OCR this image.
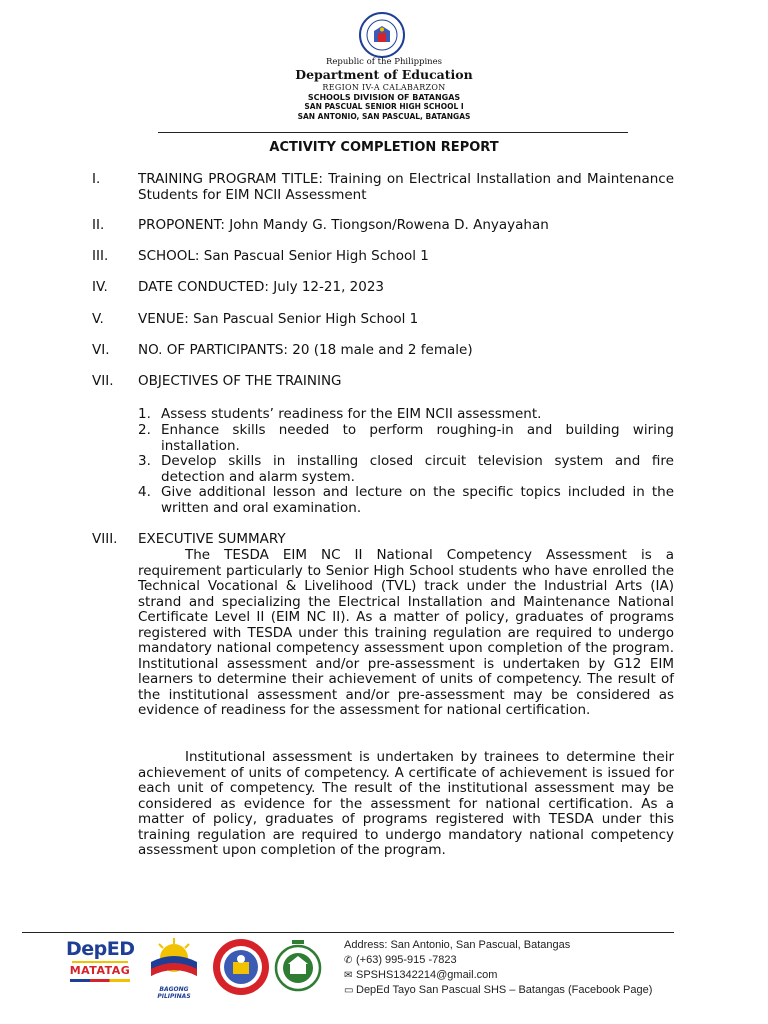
Republic of the Philippines
Department of Education
REGION IV-A CALABARZON
SCHOOLS DIVISION OF BATANGAS
SAN PASCUAL SENIOR HIGH SCHOOL I
SAN ANTONIO, SAN PASCUAL, BATANGAS
ACTIVITY COMPLETION REPORT
I.	TRAINING PROGRAM TITLE: Training on Electrical Installation and Maintenance Students for EIM NCII Assessment
II. PROPONENT: John Mandy G. Tiongson/Rowena D. Anyayahan
III. SCHOOL: San Pascual Senior High School 1
IV. DATE CONDUCTED: July 12-21, 2023
V.	VENUE: San Pascual Senior High School 1
VI. NO. OF PARTICIPANTS: 20 (18 male and 2 female)
VII. OBJECTIVES OF THE TRAINING
1. Assess students’ readiness for the EIM NCII assessment.
2. Enhance skills needed to perform roughing-in and building wiring installation.
3. Develop skills in installing closed circuit television system and fire detection and alarm system.
4. Give additional lesson and lecture on the specific topics included in the written and oral examination.
VIII. EXECUTIVE SUMMARY
The TESDA EIM NC II National Competency Assessment is a requirement particularly to Senior High School students who have enrolled the Technical Vocational & Livelihood (TVL) track under the Industrial Arts (IA) strand and specializing the Electrical Installation and Maintenance National Certificate Level II (EIM NC II). As a matter of policy, graduates of programs registered with TESDA under this training regulation are required to undergo mandatory national competency assessment upon completion of the program. Institutional assessment and/or pre-assessment is undertaken by G12 EIM learners to determine their achievement of units of competency. The result of the institutional assessment and/or pre-assessment may be considered as evidence of readiness for the assessment for national certification.
Institutional assessment is undertaken by trainees to determine their achievement of units of competency. A certificate of achievement is issued for each unit of competency. The result of the institutional assessment may be considered as evidence for the assessment for national certification. As a matter of policy, graduates of programs registered with TESDA under this training regulation are required to undergo mandatory national competency assessment upon completion of the program.
DepED
MATATAG
BAGONG PILIPINAS
Address: San Antonio, San Pascual, Batangas
✆ (+63) 995-915 -7823
✉ SPSHS1342214@gmail.com
▭ DepEd Tayo San Pascual SHS – Batangas (Facebook Page)
